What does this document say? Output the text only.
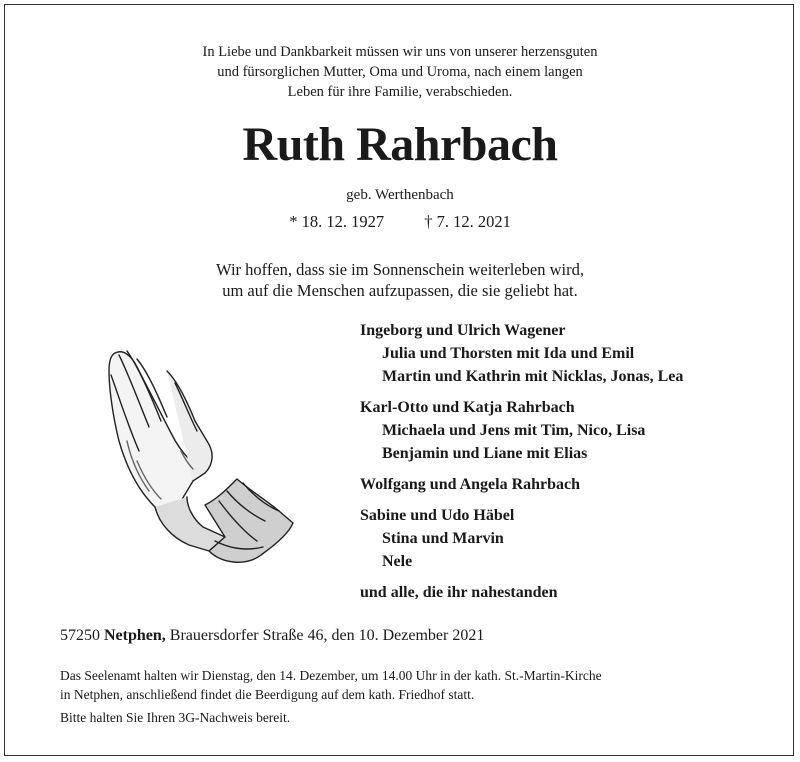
In Liebe und Dankbarkeit müssen wir uns von unserer herzensguten
und fürsorglichen Mutter, Oma und Uroma, nach einem langen
Leben für ihre Familie, verabschieden.
Ruth Rahrbach
geb. Werthenbach
* 18. 12. 1927 † 7. 12. 2021
Wir hoffen, dass sie im Sonnenschein weiterleben wird,
um auf die Menschen aufzupassen, die sie geliebt hat.
Ingeborg und Ulrich Wagener
Julia und Thorsten mit Ida und Emil
Martin und Kathrin mit Nicklas, Jonas, Lea
Karl-Otto und Katja Rahrbach
Michaela und Jens mit Tim, Nico, Lisa
Benjamin und Liane mit Elias
Wolfgang und Angela Rahrbach
Sabine und Udo Häbel
Stina und Marvin
Nele
und alle, die ihr nahestanden
57250 Netphen, Brauersdorfer Straße 46, den 10. Dezember 2021
Das Seelenamt halten wir Dienstag, den 14. Dezember, um 14.00 Uhr in der kath. St.-Martin-Kirche
in Netphen, anschließend findet die Beerdigung auf dem kath. Friedhof statt.
Bitte halten Sie Ihren 3G-Nachweis bereit.
